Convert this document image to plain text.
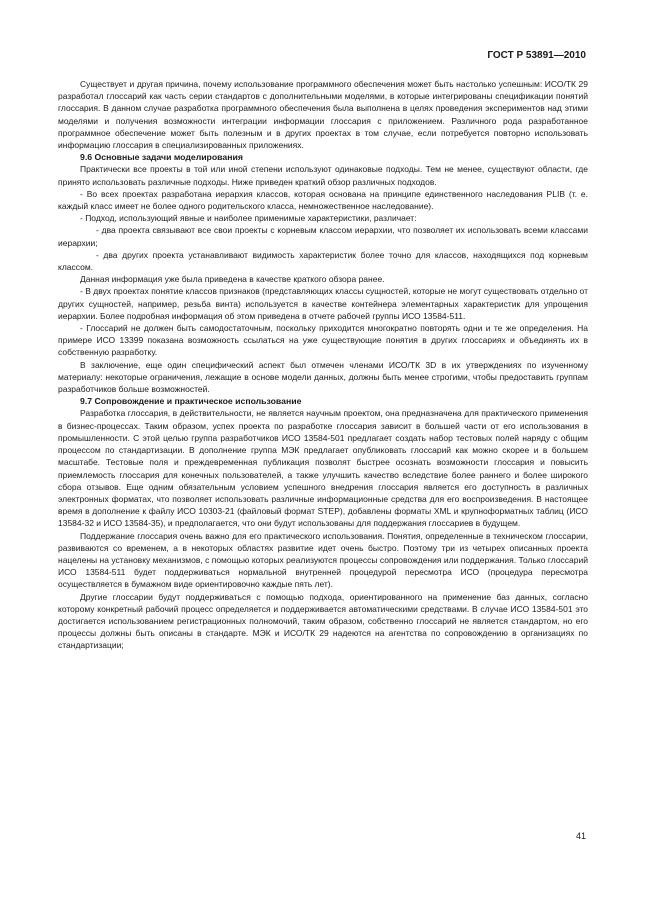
ГОСТ Р 53891—2010

Существует и другая причина, почему использование программного обеспечения может быть настолько успешным: ИСО/ТК 29 разработал глоссарий как часть серии стандартов с дополнительными моделями, в которые интегрированы спецификации понятий глоссария. В данном случае разработка программного обеспечения была выполнена в целях проведения экспериментов над этими моделями и получения возможности интеграции информации глоссария с приложением. Различного рода разработанное программное обеспечение может быть полезным и в других проектах в том случае, если потребуется повторно использовать информацию глоссария в специализированных приложениях.

9.6 Основные задачи моделирования

Практически все проекты в той или иной степени используют одинаковые подходы. Тем не менее, существуют области, где принято использовать различные подходы. Ниже приведен краткий обзор различных подходов.

- Во всех проектах разработана иерархия классов, которая основана на принципе единственного наследования PLIB (т. е. каждый класс имеет не более одного родительского класса, немножественное наследование).

- Подход, использующий явные и наиболее применимые характеристики, различает:

- два проекта связывают все свои проекты с корневым классом иерархии, что позволяет их использовать всеми классами иерархии;

- два других проекта устанавливают видимость характеристик более точно для классов, находящихся под корневым классом.

Данная информация уже была приведена в качестве краткого обзора ранее.

- В двух проектах понятие классов признаков (представляющих классы сущностей, которые не могут существовать отдельно от других сущностей, например, резьба винта) используется в качестве контейнера элементарных характеристик для упрощения иерархии. Более подробная информация об этом приведена в отчете рабочей группы ИСО 13584-511.

- Глоссарий не должен быть самодостаточным, поскольку приходится многократно повторять одни и те же определения. На примере ИСО 13399 показана возможность ссылаться на уже существующие понятия в других глоссариях и объединять их в собственную разработку.

В заключение, еще один специфический аспект был отмечен членами ИСО/ТК 3D в их утверждениях по изученному материалу: некоторые ограничения, лежащие в основе модели данных, должны быть менее строгими, чтобы предоставить группам разработчиков больше возможностей.

9.7 Сопровождение и практическое использование

Разработка глоссария, в действительности, не является научным проектом, она предназначена для практического применения в бизнес-процессах. Таким образом, успех проекта по разработке глоссария зависит в большей части от его использования в промышленности. С этой целью группа разработчиков ИСО 13584-501 предлагает создать набор тестовых полей наряду с общим процессом по стандартизации. В дополнение группа МЭК предлагает опубликовать глоссарий как можно скорее и в большем масштабе. Тестовые поля и преждевременная публикация позволят быстрее осознать возможности глоссария и повысить приемлемость глоссария для конечных пользователей, а также улучшить качество вследствие более раннего и более широкого сбора отзывов. Еще одним обязательным условием успешного внедрения глоссария является его доступность в различных электронных форматах, что позволяет использовать различные информационные средства для его воспроизведения. В настоящее время в дополнение к файлу ИСО 10303-21 (файловый формат STEP), добавлены форматы XML и крупноформатных таблиц (ИСО 13584-32 и ИСО 13584-35), и предполагается, что они будут использованы для поддержания глоссариев в будущем.

Поддержание глоссария очень важно для его практического использования. Понятия, определенные в техническом глоссарии, развиваются со временем, а в некоторых областях развитие идет очень быстро. Поэтому три из четырех описанных проекта нацелены на установку механизмов, с помощью которых реализуются процессы сопровождения или поддержания. Только глоссарий ИСО 13584-511 будет поддерживаться нормальной внутренней процедурой пересмотра ИСО (процедура пересмотра осуществляется в бумажном виде ориентировочно каждые пять лет).

Другие глоссарии будут поддерживаться с помощью подхода, ориентированного на применение баз данных, согласно которому конкретный рабочий процесс определяется и поддерживается автоматическими средствами. В случае ИСО 13584-501 это достигается использованием регистрационных полномочий, таким образом, собственно глоссарий не является стандартом, но его процессы должны быть описаны в стандарте. МЭК и ИСО/ТК 29 надеются на агентства по сопровождению в организациях по стандартизации;

41
